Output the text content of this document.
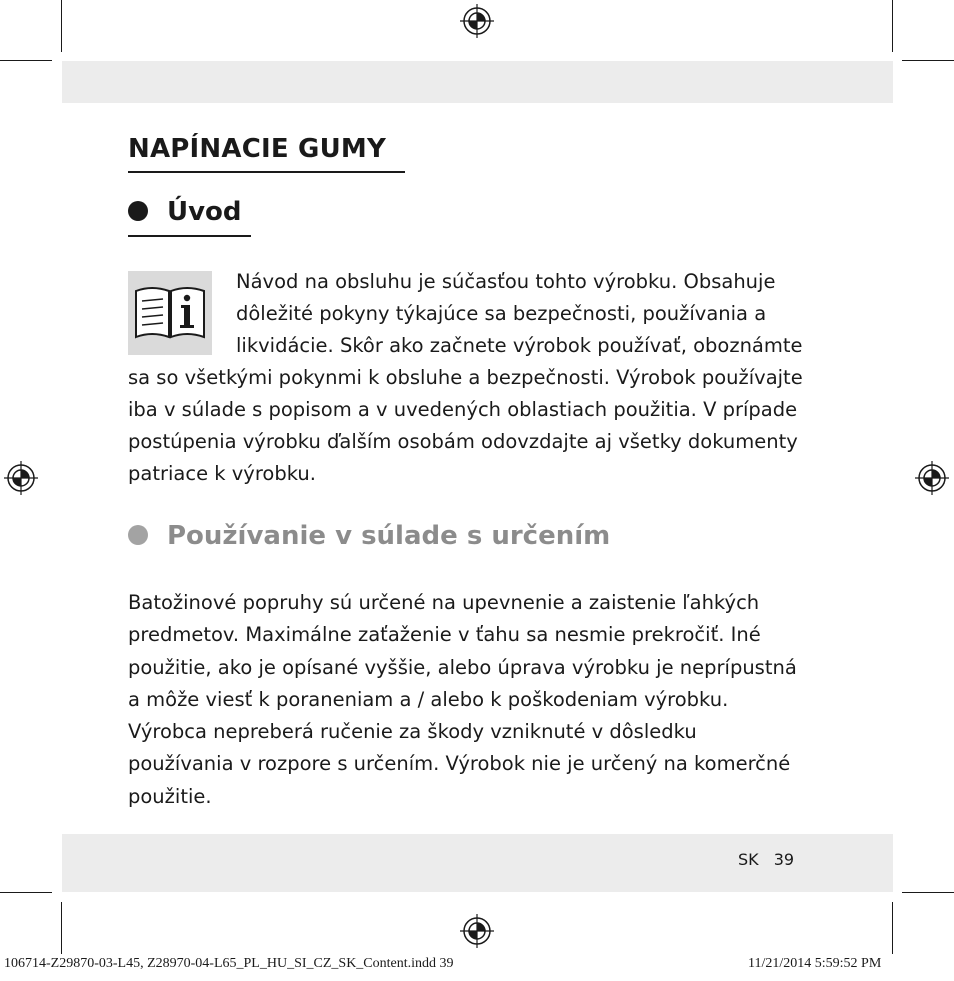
NAPÍNACIE GUMY
Úvod

Návod na obsluhu je súčasťou tohto výrobku. Obsahuje

dôležité pokyny týkajúce sa bezpečnosti, používania a

likvidácie. Skôr ako začnete výrobok používať, oboznámte

sa so všetkými pokynmi k obsluhe a bezpečnosti. Výrobok používajte

iba v súlade s popisom a v uvedených oblastiach použitia. V prípade

postúpenia výrobku ďalším osobám odovzdajte aj všetky dokumenty

patriace k výrobku.

Používanie v súlade s určením

Batožinové popruhy sú určené na upevnenie a zaistenie ľahkých

predmetov. Maximálne zaťaženie v ťahu sa nesmie prekročiť. Iné

použitie, ako je opísané vyššie, alebo úprava výrobku je neprípustná

a môže viesť k poraneniam a / alebo k poškodeniam výrobku.

Výrobca nepreberá ručenie za škody vzniknuté v dôsledku

používania v rozpore s určením. Výrobok nie je určený na komerčné

použitie.

SK 39

106714-Z29870-03-L45, Z28970-04-L65_PL_HU_SI_CZ_SK_Content.indd 39	11/21/2014 5:59:52 PM
